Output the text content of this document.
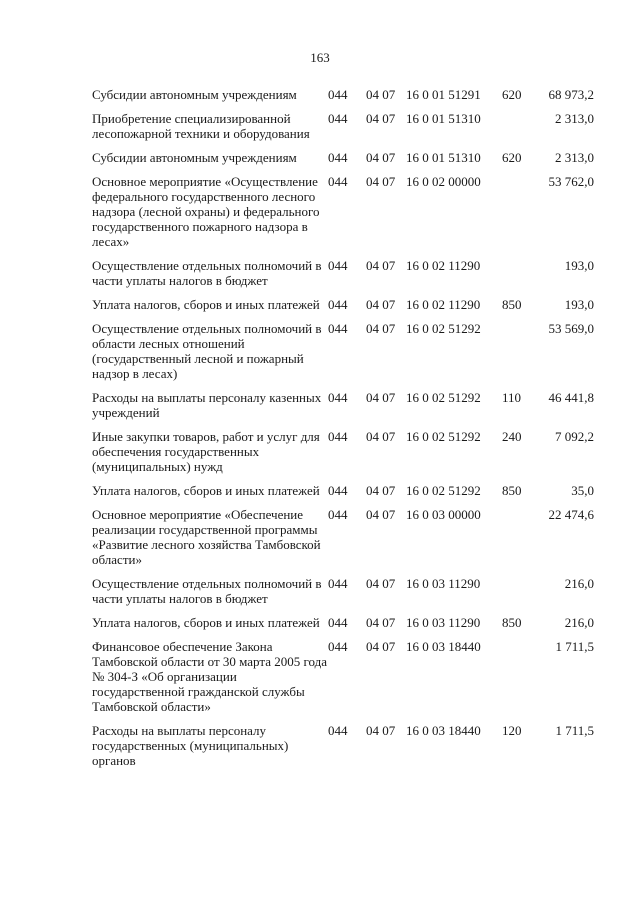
163
Субсидии автономным учреждениям	044	04 07	16 0 01 51291	620	68 973,2
Приобретение специализированной лесопожарной техники и оборудования	044	04 07	16 0 01 51310		2 313,0
Субсидии автономным учреждениям	044	04 07	16 0 01 51310	620	2 313,0
Основное мероприятие «Осуществление федерального государственного лесного надзора (лесной охраны) и федерального государственного пожарного надзора в лесах»	044	04 07	16 0 02 00000		53 762,0
Осуществление отдельных полномочий в части уплаты налогов в бюджет	044	04 07	16 0 02 11290		193,0
Уплата налогов, сборов и иных платежей	044	04 07	16 0 02 11290	850	193,0
Осуществление отдельных полномочий в области лесных отношений (государственный лесной и пожарный надзор в лесах)	044	04 07	16 0 02 51292		53 569,0
Расходы на выплаты персоналу казенных учреждений	044	04 07	16 0 02 51292	110	46 441,8
Иные закупки товаров, работ и услуг для обеспечения государственных (муниципальных) нужд	044	04 07	16 0 02 51292	240	7 092,2
Уплата налогов, сборов и иных платежей	044	04 07	16 0 02 51292	850	35,0
Основное мероприятие «Обеспечение реализации государственной программы «Развитие лесного хозяйства Тамбовской области»	044	04 07	16 0 03 00000		22 474,6
Осуществление отдельных полномочий в части уплаты налогов в бюджет	044	04 07	16 0 03 11290		216,0
Уплата налогов, сборов и иных платежей	044	04 07	16 0 03 11290	850	216,0
Финансовое обеспечение Закона Тамбовской области от 30 марта 2005 года № 304-З «Об организации государственной гражданской службы Тамбовской области»	044	04 07	16 0 03 18440		1 711,5
Расходы на выплаты персоналу государственных (муниципальных) органов	044	04 07	16 0 03 18440	120	1 711,5
